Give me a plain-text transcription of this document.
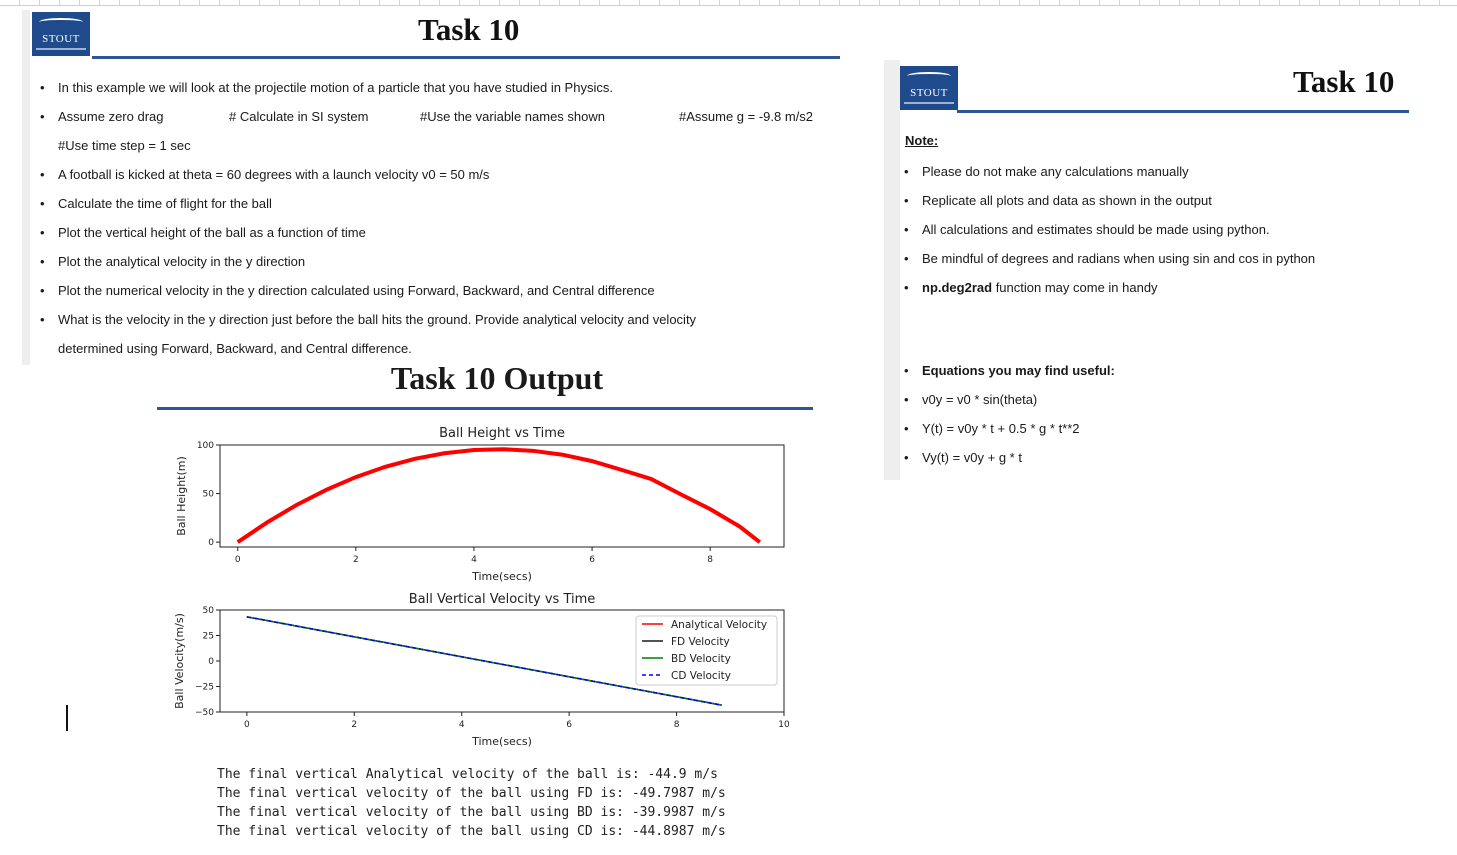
STOUT	Task 10
• In this example we will look at the projectile motion of a particle that you have studied in Physics.
• Assume zero drag	# Calculate in SI system	#Use the variable names shown	#Assume g = -9.8 m/s2
#Use time step = 1 sec
• A football is kicked at theta = 60 degrees with a launch velocity v0 = 50 m/s
• Calculate the time of flight for the ball
• Plot the vertical height of the ball as a function of time
• Plot the analytical velocity in the y direction
• Plot the numerical velocity in the y direction calculated using Forward, Backward, and Central difference
• What is the velocity in the y direction just before the ball hits the ground. Provide analytical velocity and velocity
determined using Forward, Backward, and Central difference.
Task 10 Output
Ball Height vs Time
0	2	4	6	8
0
50
100
Time(secs)
Ball Height(m)
Ball Vertical Velocity vs Time
0	2	4	6	8	10
−50
−25
0
25
50
Analytical Velocity
FD Velocity
BD Velocity
CD Velocity
Time(secs)
Ball Velocity(m/s)
The final vertical Analytical velocity of the ball is: -44.9 m/s
The final vertical velocity of the ball using FD is: -49.7987 m/s
The final vertical velocity of the ball using BD is: -39.9987 m/s
The final vertical velocity of the ball using CD is: -44.8987 m/s
STOUT	Task 10
Note:
• Please do not make any calculations manually
• Replicate all plots and data as shown in the output
• All calculations and estimates should be made using python.
• Be mindful of degrees and radians when using sin and cos in python
• np.deg2rad function may come in handy
• Equations you may find useful:
• v0y = v0 * sin(theta)
• Y(t) = v0y * t + 0.5 * g * t**2
• Vy(t) = v0y + g * t
